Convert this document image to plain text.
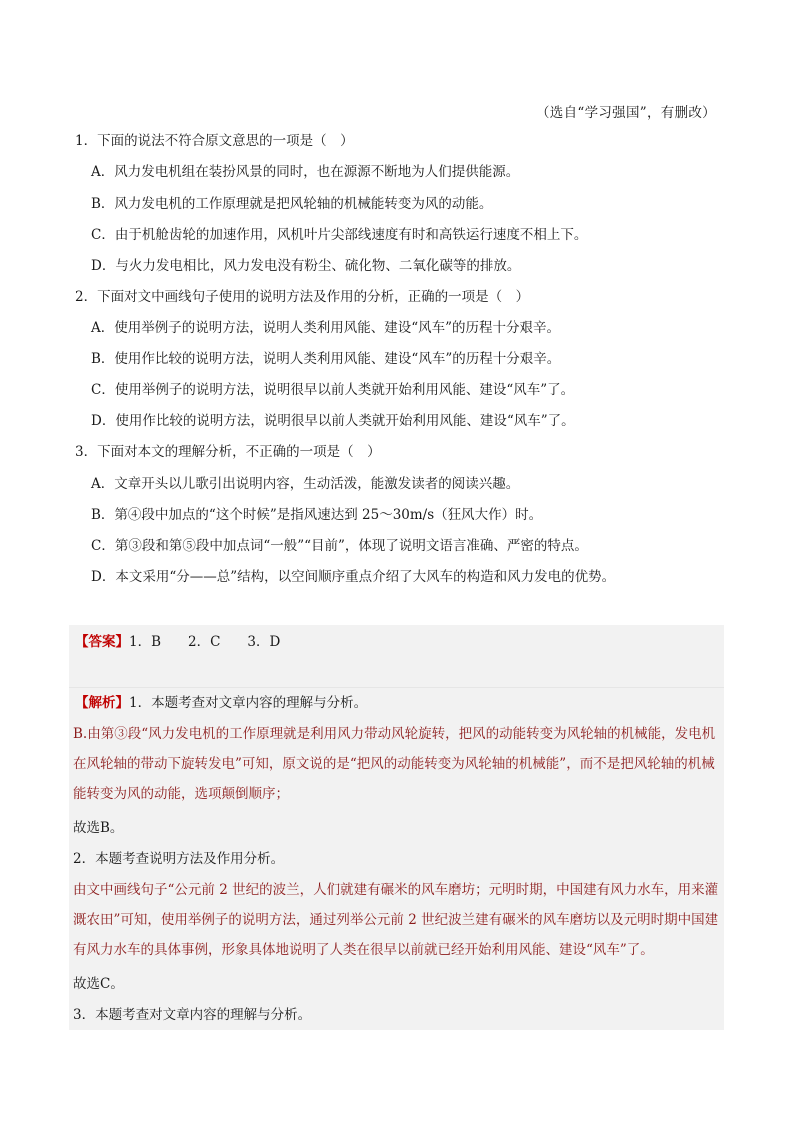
（选自“学习强国”，有删改）
1．下面的说法不符合原文意思的一项是（　）
A．风力发电机组在装扮风景的同时，也在源源不断地为人们提供能源。
B．风力发电机的工作原理就是把风轮轴的机械能转变为风的动能。
C．由于机舱齿轮的加速作用，风机叶片尖部线速度有时和高铁运行速度不相上下。
D．与火力发电相比，风力发电没有粉尘、硫化物、二氧化碳等的排放。
2．下面对文中画线句子使用的说明方法及作用的分析，正确的一项是（　）
A．使用举例子的说明方法，说明人类利用风能、建设“风车”的历程十分艰辛。
B．使用作比较的说明方法，说明人类利用风能、建设“风车”的历程十分艰辛。
C．使用举例子的说明方法，说明很早以前人类就开始利用风能、建设“风车”了。
D．使用作比较的说明方法，说明很早以前人类就开始利用风能、建设“风车”了。
3．下面对本文的理解分析，不正确的一项是（　）
A．文章开头以儿歌引出说明内容，生动活泼，能激发读者的阅读兴趣。
B．第④段中加点的“这个时候”是指风速达到 25～30m/s（狂风大作）时。
C．第③段和第⑤段中加点词“一般”“目前”，体现了说明文语言准确、严密的特点。
D．本文采用“分——总”结构，以空间顺序重点介绍了大风车的构造和风力发电的优势。
【答案】1．B　　2．C　　3．D
【解析】1．本题考查对文章内容的理解与分析。
B.由第③段“风力发电机的工作原理就是利用风力带动风轮旋转，把风的动能转变为风轮轴的机械能，发电机在风轮轴的带动下旋转发电”可知，原文说的是“把风的动能转变为风轮轴的机械能”，而不是把风轮轴的机械能转变为风的动能，选项颠倒顺序；
故选B。
2．本题考查说明方法及作用分析。
由文中画线句子“公元前 2 世纪的波兰，人们就建有碾米的风车磨坊；元明时期，中国建有风力水车，用来灌溉农田”可知，使用举例子的说明方法，通过列举公元前 2 世纪波兰建有碾米的风车磨坊以及元明时期中国建有风力水车的具体事例，形象具体地说明了人类在很早以前就已经开始利用风能、建设“风车”了。
故选C。
3．本题考查对文章内容的理解与分析。
